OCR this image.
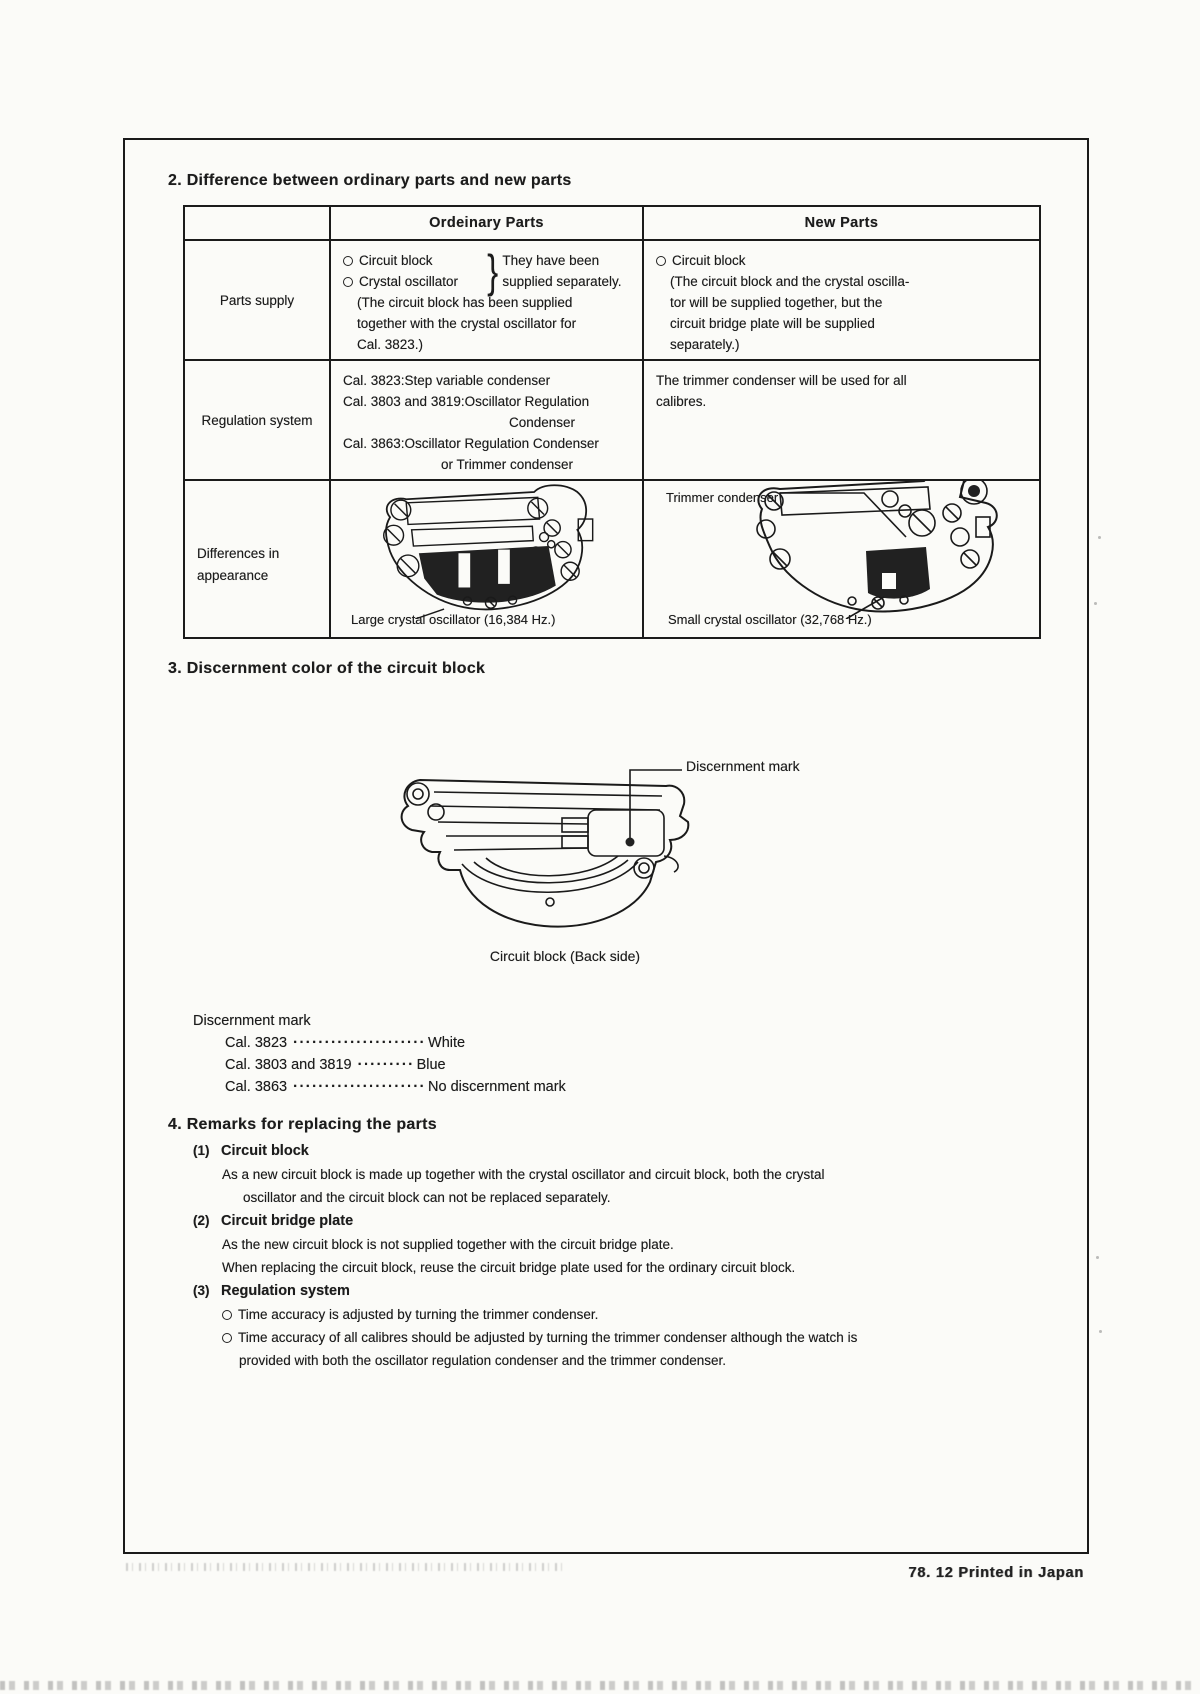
2. Difference between ordinary parts and new parts
Ordeinary Parts	New Parts
Parts supply
Circuit block
Crystal oscillator } They have been
supplied separately.
(The circuit block has been supplied
together with the crystal oscillator for
Cal. 3823.)
Circuit block
(The circuit block and the crystal oscilla-
tor will be supplied together, but the
circuit bridge plate will be supplied
separately.)
Regulation system
Cal. 3823:Step variable condenser
Cal. 3803 and 3819:Oscillator Regulation
Condenser
Cal. 3863:Oscillator Regulation Condenser
or Trimmer condenser
The trimmer condenser will be used for all
calibres.
Differences in
appearance
Large crystal oscillator (16,384 Hz.)
Trimmer condenser
Small crystal oscillator (32,768 Hz.)
3. Discernment color of the circuit block
Discernment mark
Circuit block (Back side)
Discernment mark
Cal. 3823 ····················· White
Cal. 3803 and 3819 ········· Blue
Cal. 3863 ····················· No discernment mark
4. Remarks for replacing the parts
(1) Circuit block
As a new circuit block is made up together with the crystal oscillator and circuit block, both the crystal
oscillator and the circuit block can not be replaced separately.
(2) Circuit bridge plate
As the new circuit block is not supplied together with the circuit bridge plate.
When replacing the circuit block, reuse the circuit bridge plate used for the ordinary circuit block.
(3) Regulation system
Time accuracy is adjusted by turning the trimmer condenser.
Time accuracy of all calibres should be adjusted by turning the trimmer condenser although the watch is
provided with both the oscillator regulation condenser and the trimmer condenser.
78. 12 Printed in Japan
